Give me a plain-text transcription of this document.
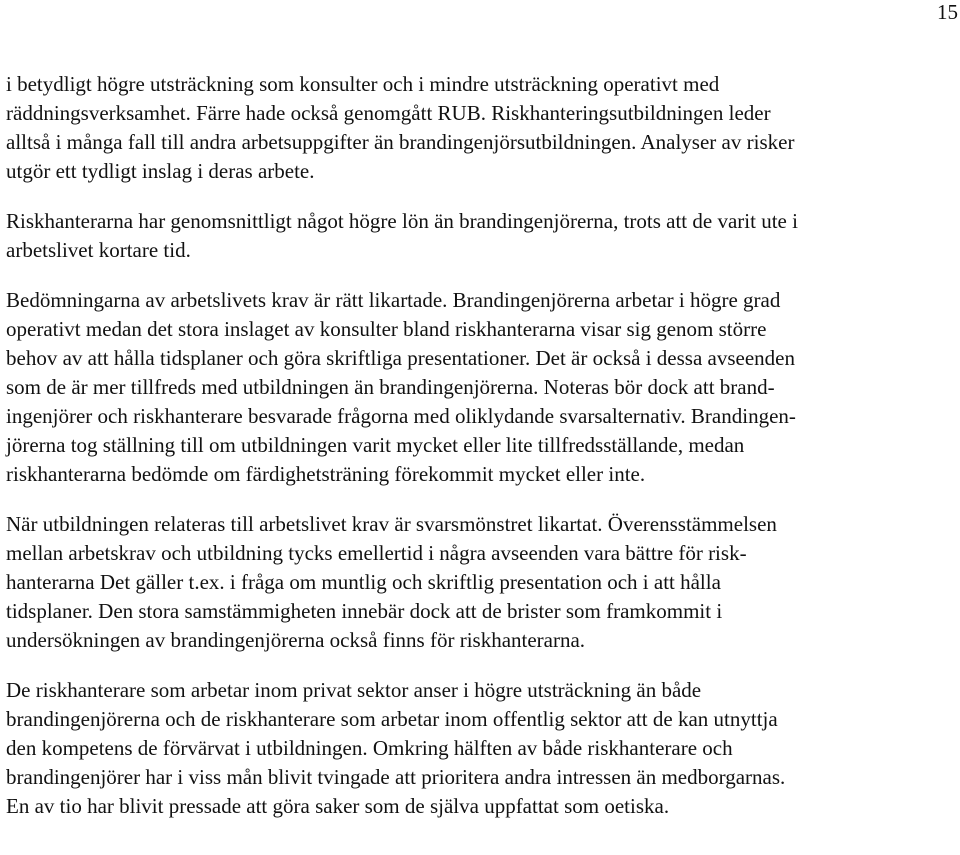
15

i betydligt högre utsträckning som konsulter och i mindre utsträckning operativt med
räddningsverksamhet. Färre hade också genomgått RUB. Riskhanteringsutbildningen leder
alltså i många fall till andra arbetsuppgifter än brandingenjörsutbildningen. Analyser av risker
utgör ett tydligt inslag i deras arbete.

Riskhanterarna har genomsnittligt något högre lön än brandingenjörerna, trots att de varit ute i
arbetslivet kortare tid.

Bedömningarna av arbetslivets krav är rätt likartade. Brandingenjörerna arbetar i högre grad
operativt medan det stora inslaget av konsulter bland riskhanterarna visar sig genom större
behov av att hålla tidsplaner och göra skriftliga presentationer. Det är också i dessa avseenden
som de är mer tillfreds med utbildningen än brandingenjörerna. Noteras bör dock att brand-
ingenjörer och riskhanterare besvarade frågorna med oliklydande svarsalternativ. Brandingen-
jörerna tog ställning till om utbildningen varit mycket eller lite tillfredsställande, medan
riskhanterarna bedömde om färdighetsträning förekommit mycket eller inte.

När utbildningen relateras till arbetslivet krav är svarsmönstret likartat. Överensstämmelsen
mellan arbetskrav och utbildning tycks emellertid i några avseenden vara bättre för risk-
hanterarna Det gäller t.ex. i fråga om muntlig och skriftlig presentation och i att hålla
tidsplaner. Den stora samstämmigheten innebär dock att de brister som framkommit i
undersökningen av brandingenjörerna också finns för riskhanterarna.

De riskhanterare som arbetar inom privat sektor anser i högre utsträckning än både
brandingenjörerna och de riskhanterare som arbetar inom offentlig sektor att de kan utnyttja
den kompetens de förvärvat i utbildningen. Omkring hälften av både riskhanterare och
brandingenjörer har i viss mån blivit tvingade att prioritera andra intressen än medborgarnas.
En av tio har blivit pressade att göra saker som de själva uppfattat som oetiska.
